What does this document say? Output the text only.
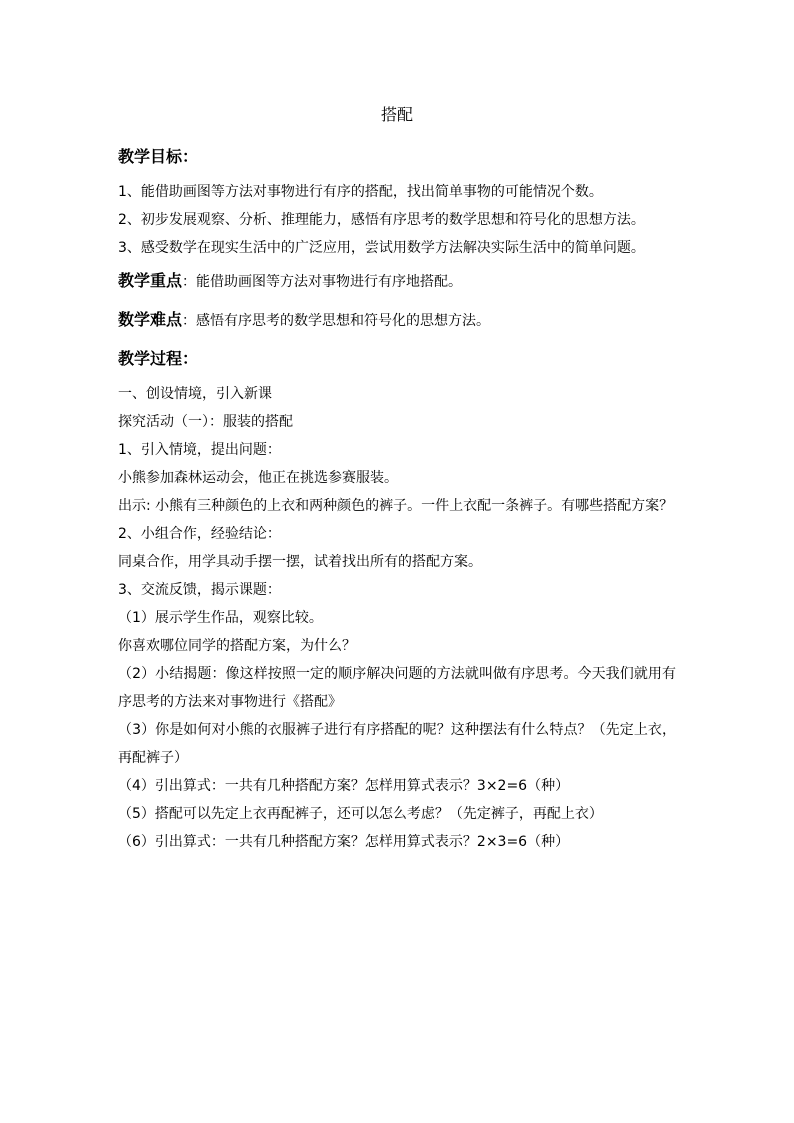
搭配
教学目标：

1、能借助画图等方法对事物进行有序的搭配，找出简单事物的可能情况个数。

2、初步发展观察、分析、推理能力，感悟有序思考的数学思想和符号化的思想方法。

3、感受数学在现实生活中的广泛应用，尝试用数学方法解决实际生活中的简单问题。

教学重点：能借助画图等方法对事物进行有序地搭配。

数学难点：感悟有序思考的数学思想和符号化的思想方法。

教学过程：

一、创设情境，引入新课

探究活动（一）：服装的搭配

1、引入情境，提出问题：

小熊参加森林运动会，他正在挑选参赛服装。

出示: 小熊有三种颜色的上衣和两种颜色的裤子。一件上衣配一条裤子。有哪些搭配方案？

2、小组合作，经验结论：

同桌合作，用学具动手摆一摆，试着找出所有的搭配方案。

3、交流反馈，揭示课题：

（1）展示学生作品，观察比较。

你喜欢哪位同学的搭配方案，为什么？

（2）小结揭题：像这样按照一定的顺序解决问题的方法就叫做有序思考。今天我们就用有序思考的方法来对事物进行《搭配》

（3）你是如何对小熊的衣服裤子进行有序搭配的呢？这种摆法有什么特点？（先定上衣，再配裤子）

（4）引出算式：一共有几种搭配方案？怎样用算式表示？3×2=6（种）

（5）搭配可以先定上衣再配裤子，还可以怎么考虑？（先定裤子，再配上衣）

（6）引出算式：一共有几种搭配方案？怎样用算式表示？2×3=6（种）
